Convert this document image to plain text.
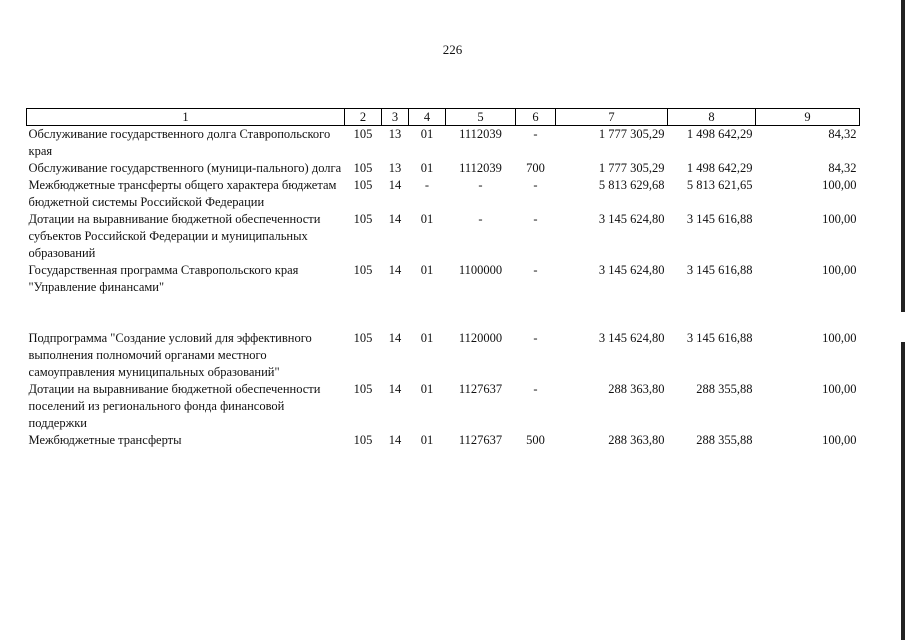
226
1	2	3	4	5	6	7	8	9
Обслуживание государственного долга Ставропольского края	105	13	01	1112039	-	1 777 305,29	1 498 642,29	84,32
Обслуживание государственного (муници-пального) долга	105	13	01	1112039	700	1 777 305,29	1 498 642,29	84,32
Межбюджетные трансферты общего характера бюджетам бюджетной системы Российской Федерации	105	14	-	-	-	5 813 629,68	5 813 621,65	100,00
Дотации на выравнивание бюджетной обеспеченности субъектов Российской Федерации и муниципальных образований	105	14	01	-	-	3 145 624,80	3 145 616,88	100,00
Государственная программа Ставропольского края "Управление финансами"	105	14	01	1100000	-	3 145 624,80	3 145 616,88	100,00

Подпрограмма "Создание условий для эффективного выполнения полномочий органами местного самоуправления муниципальных образований"	105	14	01	1120000	-	3 145 624,80	3 145 616,88	100,00
Дотации на выравнивание бюджетной обеспеченности поселений из регионального фонда финансовой поддержки	105	14	01	1127637	-	288 363,80	288 355,88	100,00
Межбюджетные трансферты	105	14	01	1127637	500	288 363,80	288 355,88	100,00
